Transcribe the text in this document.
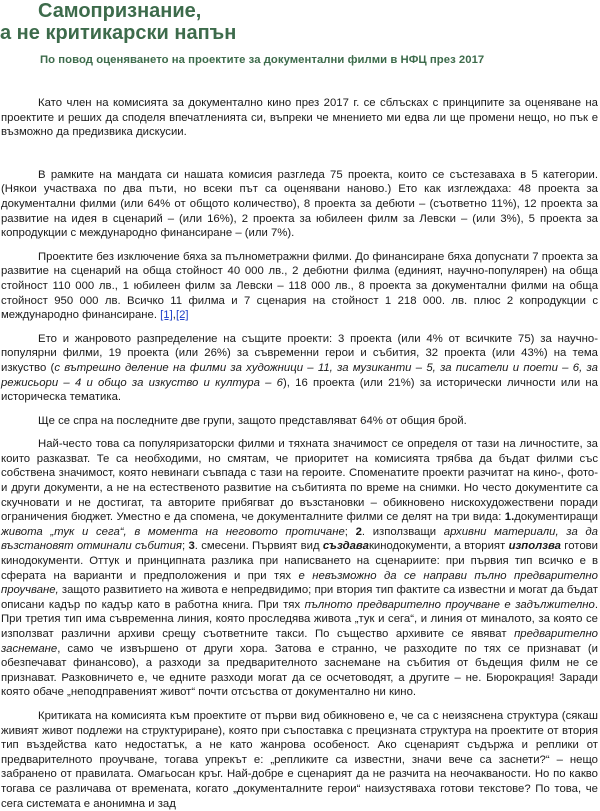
Самопризнание,
а не критикарски напън
По повод оценяването на проектите за документални филми в НФЦ през 2017

Като член на комисията за документално кино през 2017 г. се сблъсках с принципите за оценяване на проектите и реших да споделя впечатленията си, въпреки че мнението ми едва ли ще промени нещо, но пък е възможно да предизвика дискусии.

В рамките на мандата си нашата комисия разгледа 75 проекта, които се състезаваха в 5 категории. (Някои участваха по два пъти, но всеки път са оценявани наново.) Ето как изглеждаха: 48 проекта за документални филми (или 64% от общото количество), 8 проекта за дебюти – (съответно 11%), 12 проекта за развитие на идея в сценарий – (или 16%), 2 проекта за юбилеен филм за Левски – (или 3%), 5 проекта за копродукции с международно финансиране – (или 7%).

Проектите без изключение бяха за пълнометражни филми. До финансиране бяха допуснати 7 проекта за развитие на сценарий на обща стойност 40 000 лв., 2 дебютни филма (единият, научно-популярен) на обща стойност 110 000 лв., 1 юбилеен филм за Левски – 118 000 лв., 8 проекта за документални филми на обща стойност 950 000 лв. Всичко 11 филма и 7 сценария на стойност 1 218 000. лв. плюс 2 копродукции с международно финансиране. [1],[2]

Ето и жанровото разпределение на същите проекти: 3 проекта (или 4% от всичките 75) за научно-популярни филми, 19 проекта (или 26%) за съвременни герои и събития, 32 проекта (или 43%) на тема изкуство (с вътрешно деление на филми за художници – 11, за музиканти – 5, за писатели и поети – 6, за режисьори – 4 и общо за изкуство и култура – 6), 16 проекта (или 21%) за исторически личности или на историческа тематика.

Ще се спра на последните две групи, защото представляват 64% от общия брой.

Най-често това са популяризаторски филми и тяхната значимост се определя от тази на личностите, за които разказват. Те са необходими, но смятам, че приоритет на комисията трябва да бъдат филми със собствена значимост, която невинаги съвпада с тази на героите. Споменатите проекти разчитат на кино-, фото- и други документи, а не на естественото развитие на събитията по време на снимки. Но често документите са скучновати и не достигат, та авторите прибягват до възстановки – обикновено нискохудожествени поради ограничения бюджет. Уместно е да спомена, че документалните филми се делят на три вида: 1.документиращи живота „тук и сега“, в момента на неговото протичане; 2. използващи архивни материали, за да възстановят отминали събития; 3. смесени. Първият вид създавакинодокументи, а вторият използва готови кинодокументи. Оттук и принципната разлика при написването на сценариите: при първия тип всичко е в сферата на варианти и предположения и при тях е невъзможно да се направи пълно предварително проучване, защото развитието на живота е непредвидимо; при втория тип фактите са известни и могат да бъдат описани кадър по кадър като в работна книга. При тях пълното предварително проучване е задължително. При третия тип има съвременна линия, която проследява живота „тук и сега“, и линия от миналото, за която се използват различни архиви срещу съответните такси. По същество архивите се явяват предварително заснемане, само че извършено от други хора. Затова е странно, че разходите по тях се признават (и обезпечават финансово), а разходи за предварителното заснемане на събития от бъдещия филм не се признават. Разковничето е, че едните разходи могат да се осчетоводят, а другите – не. Бюрокрация! Заради която обаче „неподправеният живот“ почти отсъства от документално ни кино.

Критиката на комисията към проектите от първи вид обикновено е, че са с неизяснена структура (сякаш живият живот подлежи на структуриране), която при съпоставка с прецизната структура на проектите от втория тип въздейства като недостатък, а не като жанрова особеност. Ако сценарият съдържа и реплики от предварителното проучване, тогава упрекът е: „репликите са известни, значи вече са заснети?“ – нещо забранено от правилата. Омагьосан кръг. Най-добре е сценарият да не разчита на неочакваности. Но по какво тогава се различава от времената, когато „документалните герои“ наизустяваха готови текстове? По това, че сега системата е анонимна и зад
